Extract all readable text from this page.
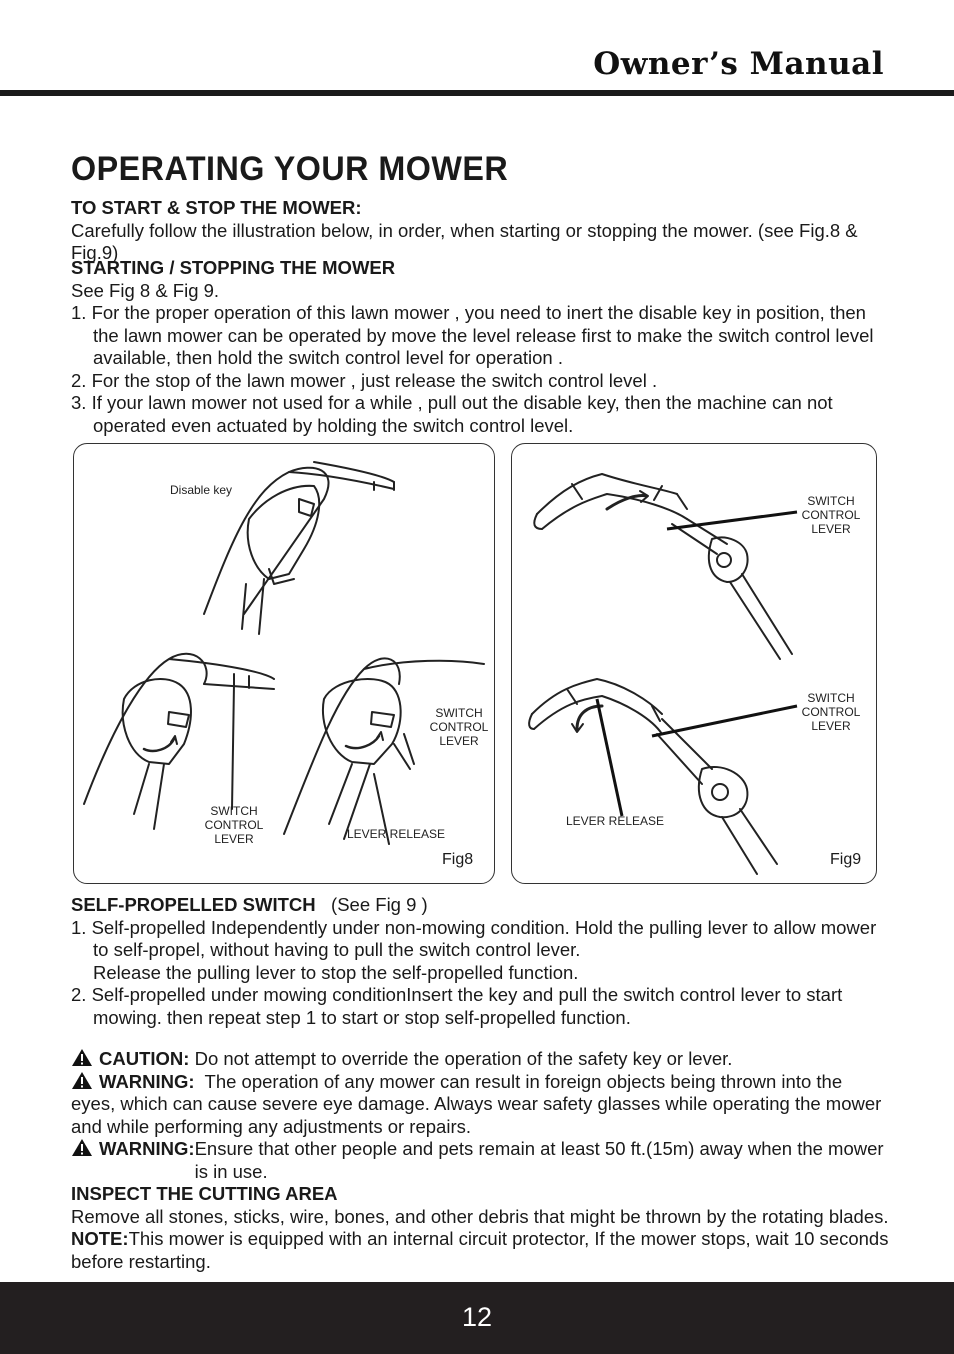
Owner’s Manual
OPERATING YOUR MOWER

TO START & STOP THE MOWER:

Carefully follow the illustration below, in order, when starting or stopping the mower. (see Fig.8 & Fig.9)

STARTING / STOPPING THE MOWER

See Fig 8 & Fig 9.

1. For the proper operation of this lawn mower , you need to inert the disable key in position, then the lawn mower can be operated by move the level release first to make the switch control level available, then hold the switch control level for operation .

2. For the stop of the lawn mower , just release the switch control level .

3. If your lawn mower not used for a while , pull out the disable key, then the machine can not operated even actuated by holding the switch control level.

Disable key
SWITCH
CONTROL
LEVER
SWITCH
CONTROL
LEVER
LEVER RELEASE
Fig8
SWITCH
CONTROL
LEVER
SWITCH
CONTROL
LEVER
LEVER RELEASE
Fig9

SELF-PROPELLED SWITCH (See Fig 9 )

1. Self-propelled Independently under non-mowing condition. Hold the pulling lever to allow mower to self-propel, without having to pull the switch control lever.

Release the pulling lever to stop the self-propelled function.

2. Self-propelled under mowing conditionInsert the key and pull the switch control lever to start mowing. then repeat step 1 to start or stop self-propelled function.

CAUTION: Do not attempt to override the operation of the safety key or lever.

WARNING: The operation of any mower can result in foreign objects being thrown into the eyes, which can cause severe eye damage. Always wear safety glasses while operating the mower and while performing any adjustments or repairs.

WARNING: Ensure that other people and pets remain at least 50 ft.(15m) away when the mower is in use.

INSPECT THE CUTTING AREA

Remove all stones, sticks, wire, bones, and other debris that might be thrown by the rotating blades.

NOTE:This mower is equipped with an internal circuit protector, If the mower stops, wait 10 seconds before restarting.

12
